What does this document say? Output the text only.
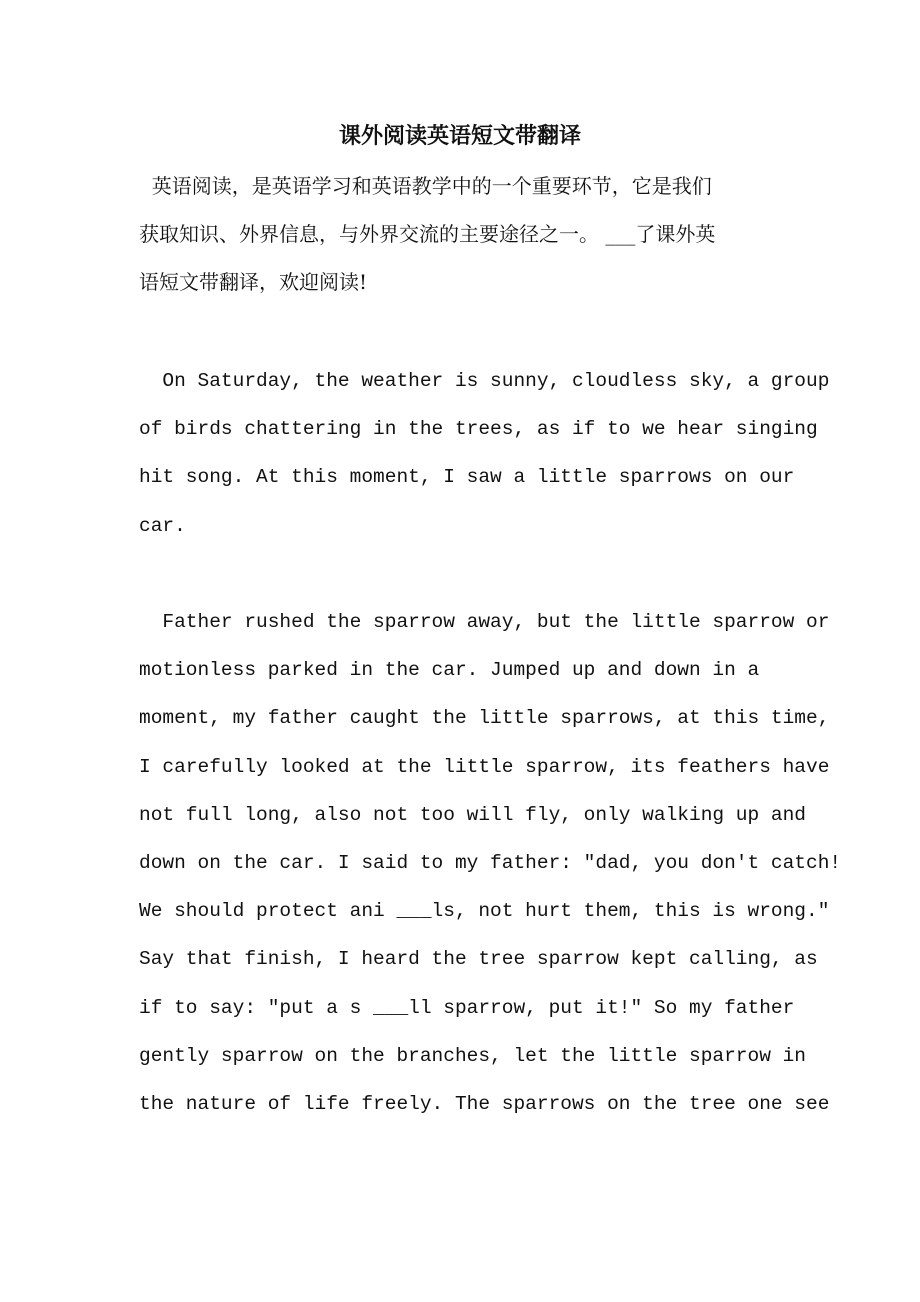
课外阅读英语短文带翻译
英语阅读，是英语学习和英语教学中的一个重要环节，它是我们
获取知识、外界信息，与外界交流的主要途径之一。 ___了课外英
语短文带翻译，欢迎阅读!
On Saturday, the weather is sunny, cloudless sky, a group
of birds chattering in the trees, as if to we hear singing
hit song. At this moment, I saw a little sparrows on our
car.
Father rushed the sparrow away, but the little sparrow or
motionless parked in the car. Jumped up and down in a
moment, my father caught the little sparrows, at this time,
I carefully looked at the little sparrow, its feathers have
not full long, also not too will fly, only walking up and
down on the car. I said to my father: ″dad, you don′t catch!
We should protect ani ___ls, not hurt them, this is wrong.″
Say that finish, I heard the tree sparrow kept calling, as
if to say: ″put a s ___ll sparrow, put it!″ So my father
gently sparrow on the branches, let the little sparrow in
the nature of life freely. The sparrows on the tree one see
